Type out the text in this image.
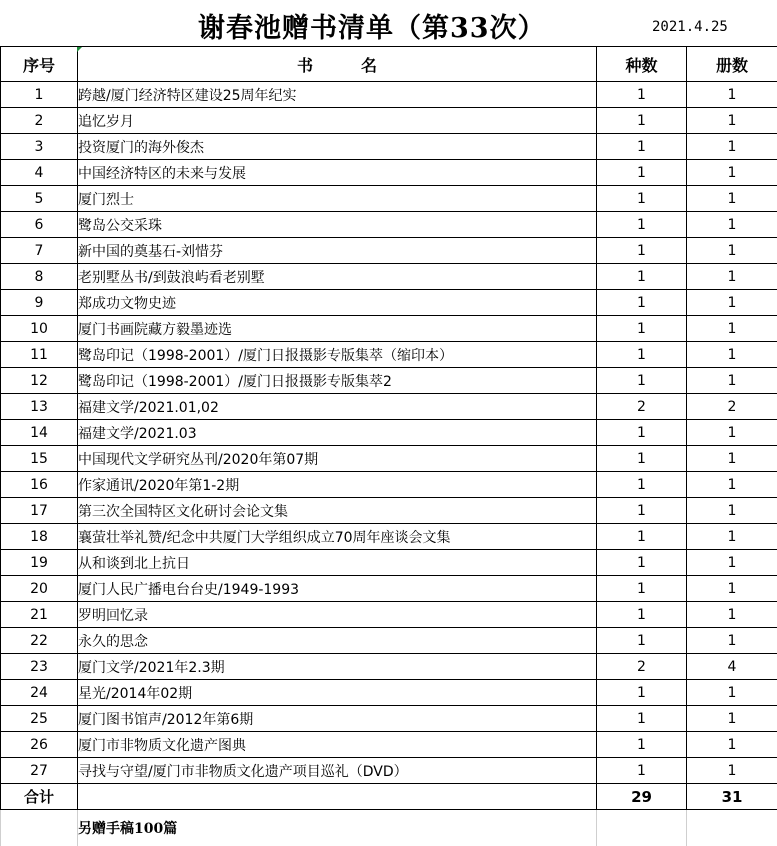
谢春池赠书清单（第33次）	2021.4.25
序号	书　　　名	种数	册数
1	跨越/厦门经济特区建设25周年纪实	1	1
2	追忆岁月	1	1
3	投资厦门的海外俊杰	1	1
4	中国经济特区的未来与发展	1	1
5	厦门烈士	1	1
6	鹭岛公交采珠	1	1
7	新中国的奠基石-刘惜芬	1	1
8	老别墅丛书/到鼓浪屿看老别墅	1	1
9	郑成功文物史迹	1	1
10	厦门书画院藏方毅墨迹选	1	1
11	鹭岛印记（1998-2001）/厦门日报摄影专版集萃（缩印本）	1	1
12	鹭岛印记（1998-2001）/厦门日报摄影专版集萃2	1	1
13	福建文学/2021.01,02	2	2
14	福建文学/2021.03	1	1
15	中国现代文学研究丛刊/2020年第07期	1	1
16	作家通讯/2020年第1-2期	1	1
17	第三次全国特区文化研讨会论文集	1	1
18	襄萤壮举礼赞/纪念中共厦门大学组织成立70周年座谈会文集	1	1
19	从和谈到北上抗日	1	1
20	厦门人民广播电台台史/1949-1993	1	1
21	罗明回忆录	1	1
22	永久的思念	1	1
23	厦门文学/2021年2.3期	2	4
24	星光/2014年02期	1	1
25	厦门图书馆声/2012年第6期	1	1
26	厦门市非物质文化遗产图典	1	1
27	寻找与守望/厦门市非物质文化遗产项目巡礼（DVD）	1	1
合计		29	31
	另赠手稿100篇		
